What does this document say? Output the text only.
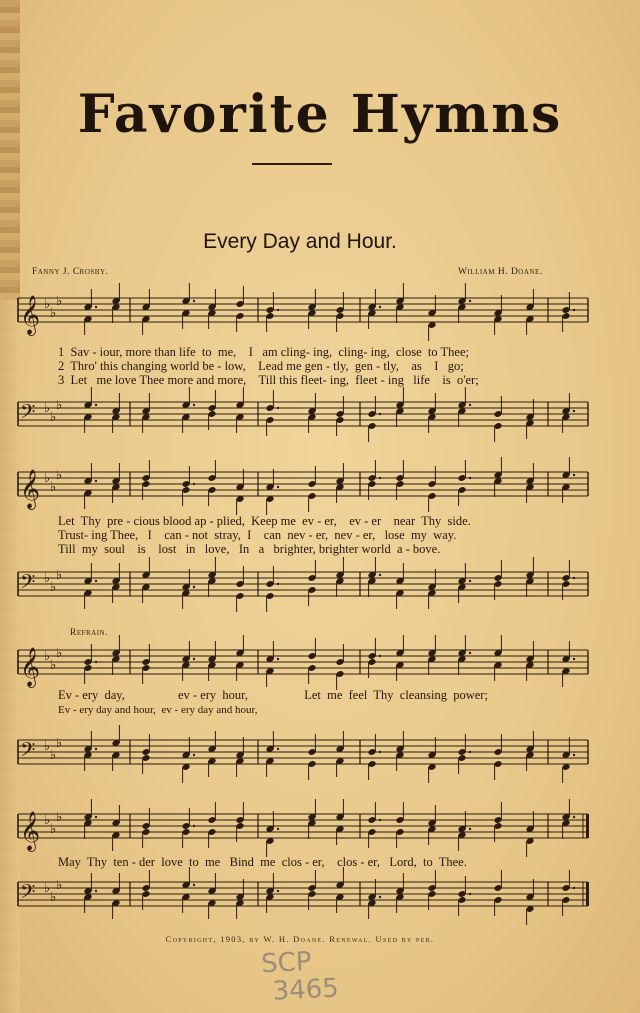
Favorite Hymns
Every Day and Hour.
Fanny J. Crosby.	William H. Doane.
𝄞 ♭
♭
♭
1  Sav - iour, more than life  to  me,    I   am cling- ing,  cling- ing,  close  to Thee;
2  Thro' this changing world be - low,    Lead me gen - tly,  gen - tly,    as    I   go;
3  Let   me love Thee more and more,    Till this fleet- ing,  fleet - ing   life    is  o'er;
𝄢 ♭
♭
♭
𝄞 ♭
♭
♭
Let  Thy  pre - cious blood ap - plied,  Keep me  ev - er,    ev - er    near  Thy  side.
Trust- ing Thee,   I    can - not  stray,  I    can  nev - er,  nev - er,   lose  my  way.
Till  my  soul    is    lost   in   love,   In   a   brighter, brighter world  a - bove.
𝄢 ♭
♭
♭
Refrain.
𝄞 ♭
♭
♭
Ev - ery  day,                 ev - ery  hour,                  Let  me  feel  Thy  cleansing  power;
Ev - ery day and hour,  ev - ery day and hour,
𝄢 ♭
♭
♭
𝄞 ♭
♭
♭
May  Thy  ten - der  love  to  me   Bind  me  clos - er,    clos - er,   Lord,  to  Thee.
𝄢 ♭
♭
♭
Copyright, 1903, by W. H. Doane. Renewal. Used by per.
SCP
3465
